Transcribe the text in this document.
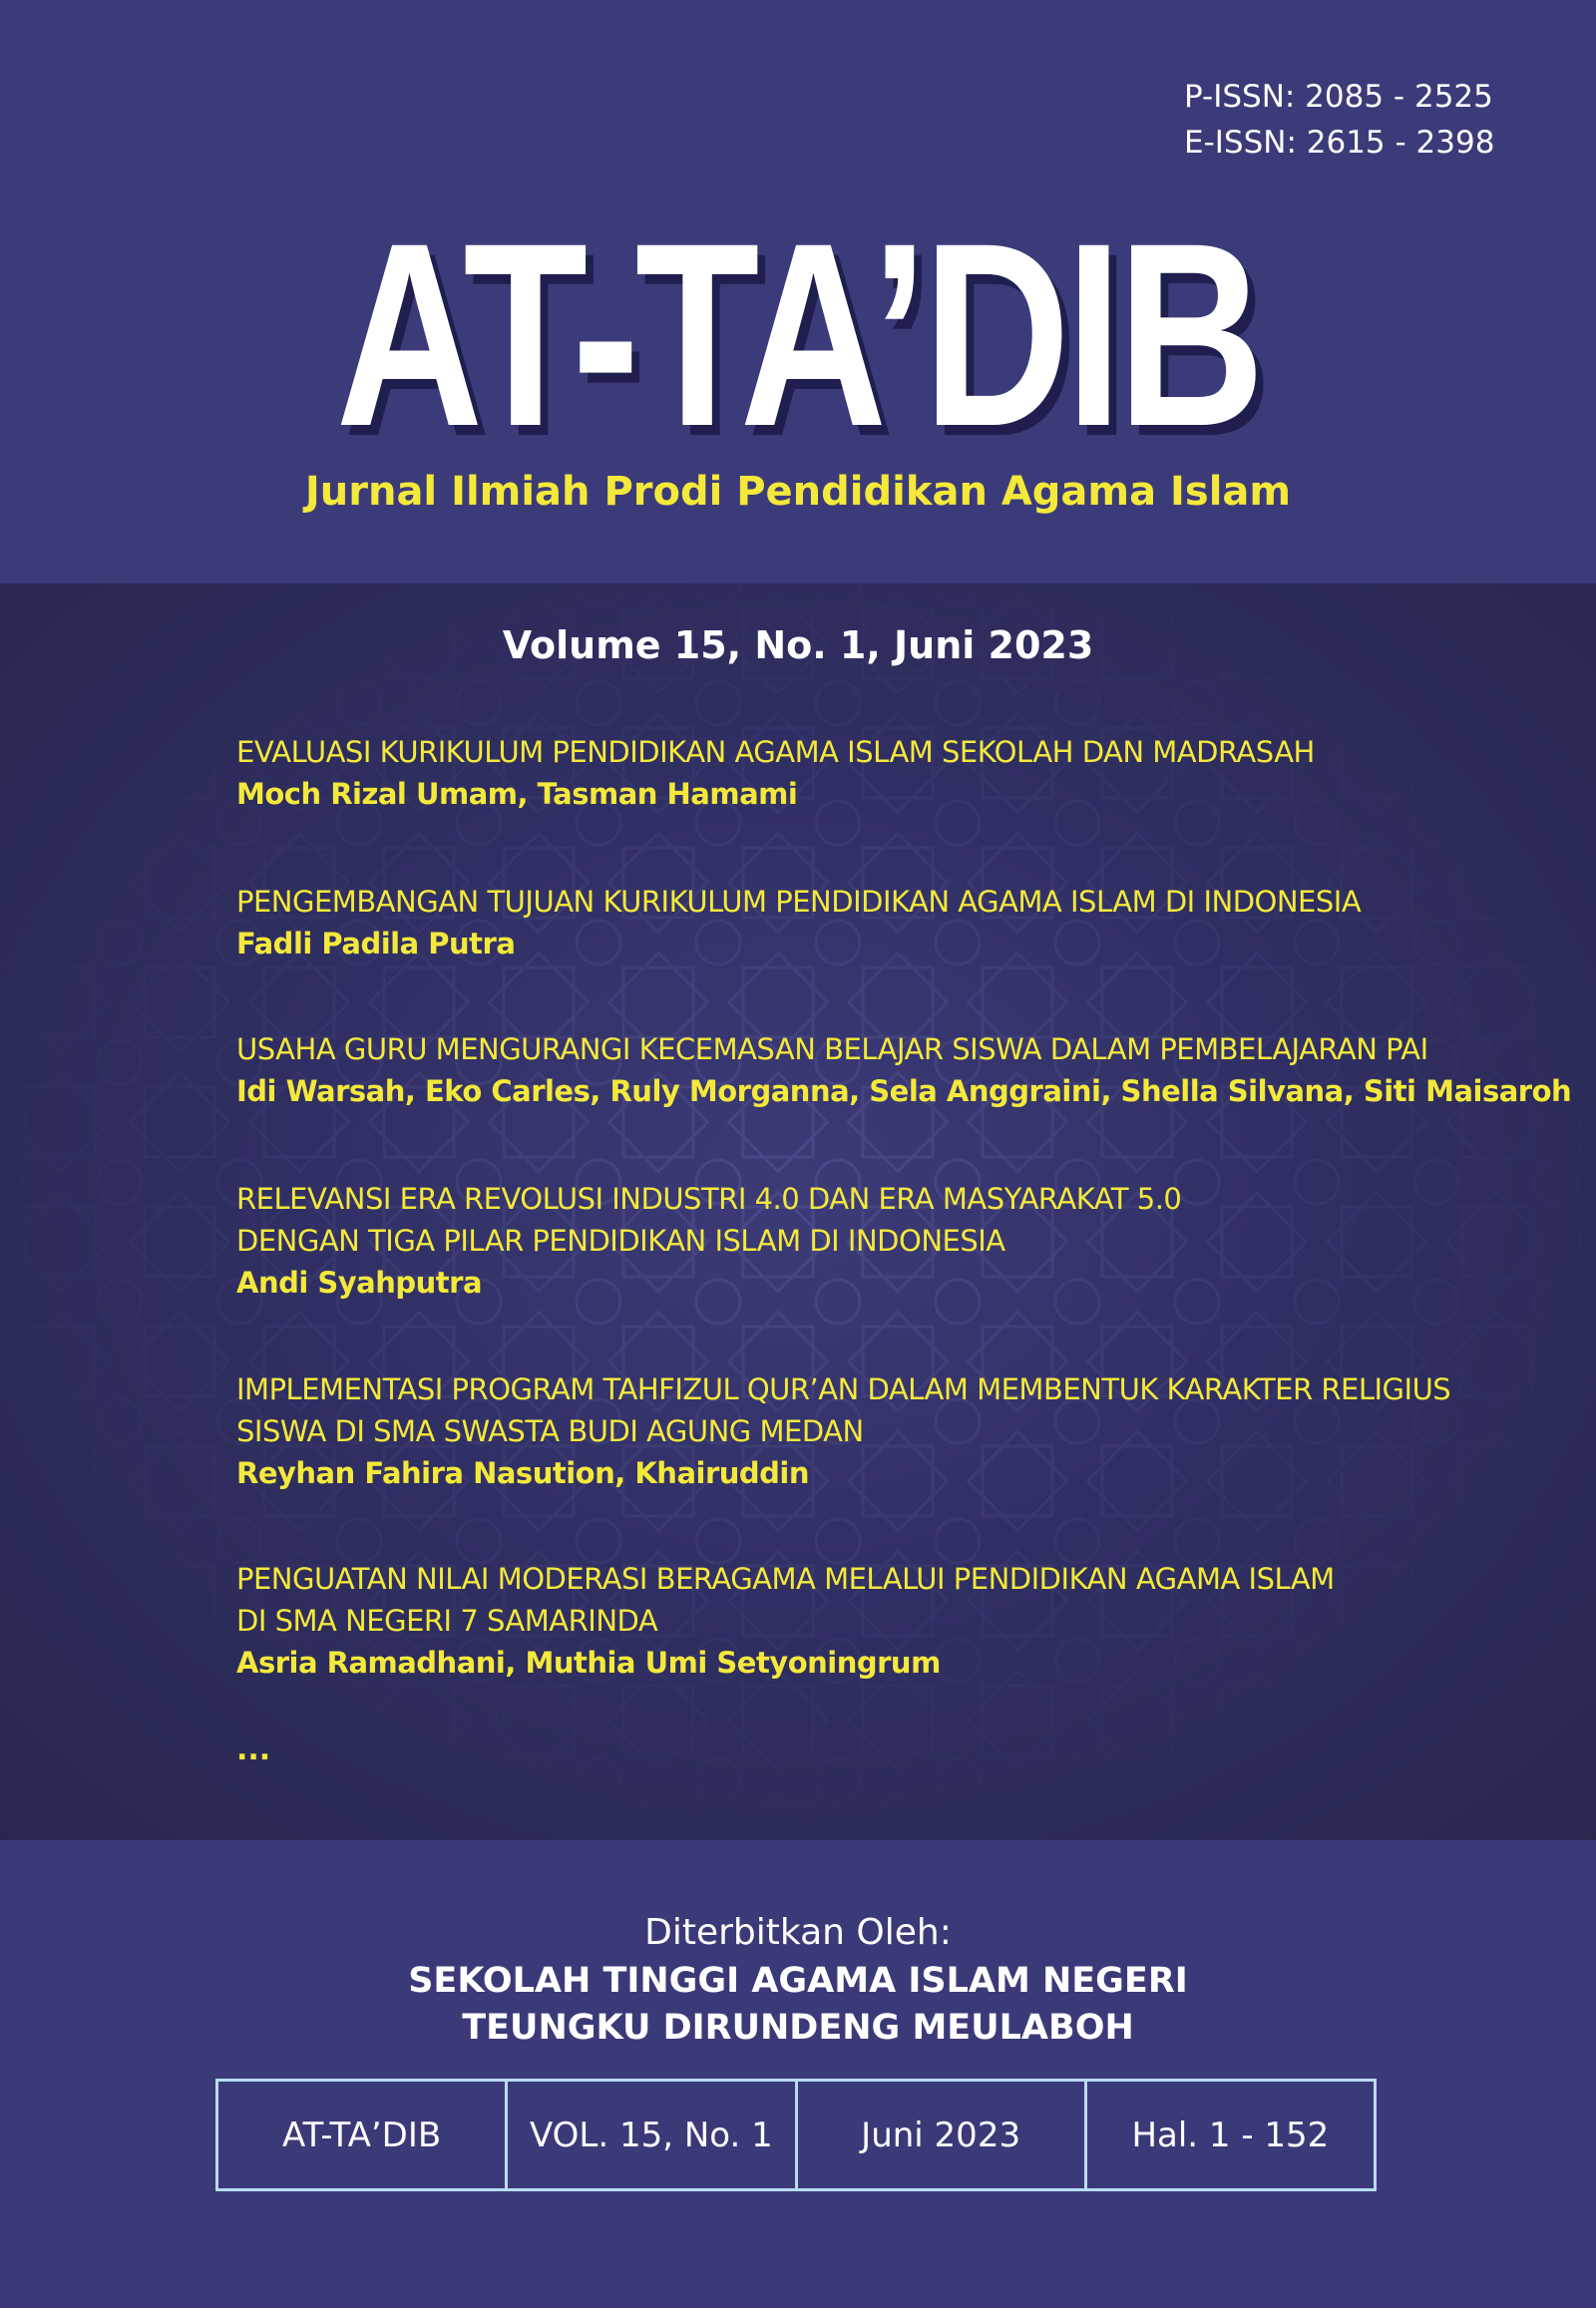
P-ISSN: 2085 - 2525
E-ISSN: 2615 - 2398
AT-TA’DIB
Jurnal Ilmiah Prodi Pendidikan Agama Islam
Volume 15, No. 1, Juni 2023
EVALUASI KURIKULUM PENDIDIKAN AGAMA ISLAM SEKOLAH DAN MADRASAH
Moch Rizal Umam, Tasman Hamami
PENGEMBANGAN TUJUAN KURIKULUM PENDIDIKAN AGAMA ISLAM DI INDONESIA
Fadli Padila Putra
USAHA GURU MENGURANGI KECEMASAN BELAJAR SISWA DALAM PEMBELAJARAN PAI
Idi Warsah, Eko Carles, Ruly Morganna, Sela Anggraini, Shella Silvana, Siti Maisaroh
RELEVANSI ERA REVOLUSI INDUSTRI 4.0 DAN ERA MASYARAKAT 5.0
DENGAN TIGA PILAR PENDIDIKAN ISLAM DI INDONESIA
Andi Syahputra
IMPLEMENTASI PROGRAM TAHFIZUL QUR’AN DALAM MEMBENTUK KARAKTER RELIGIUS
SISWA DI SMA SWASTA BUDI AGUNG MEDAN
Reyhan Fahira Nasution, Khairuddin
PENGUATAN NILAI MODERASI BERAGAMA MELALUI PENDIDIKAN AGAMA ISLAM
DI SMA NEGERI 7 SAMARINDA
Asria Ramadhani, Muthia Umi Setyoningrum
...
Diterbitkan Oleh:
SEKOLAH TINGGI AGAMA ISLAM NEGERI
TEUNGKU DIRUNDENG MEULABOH
AT-TA’DIB	VOL. 15, No. 1	Juni 2023	Hal. 1 - 152
